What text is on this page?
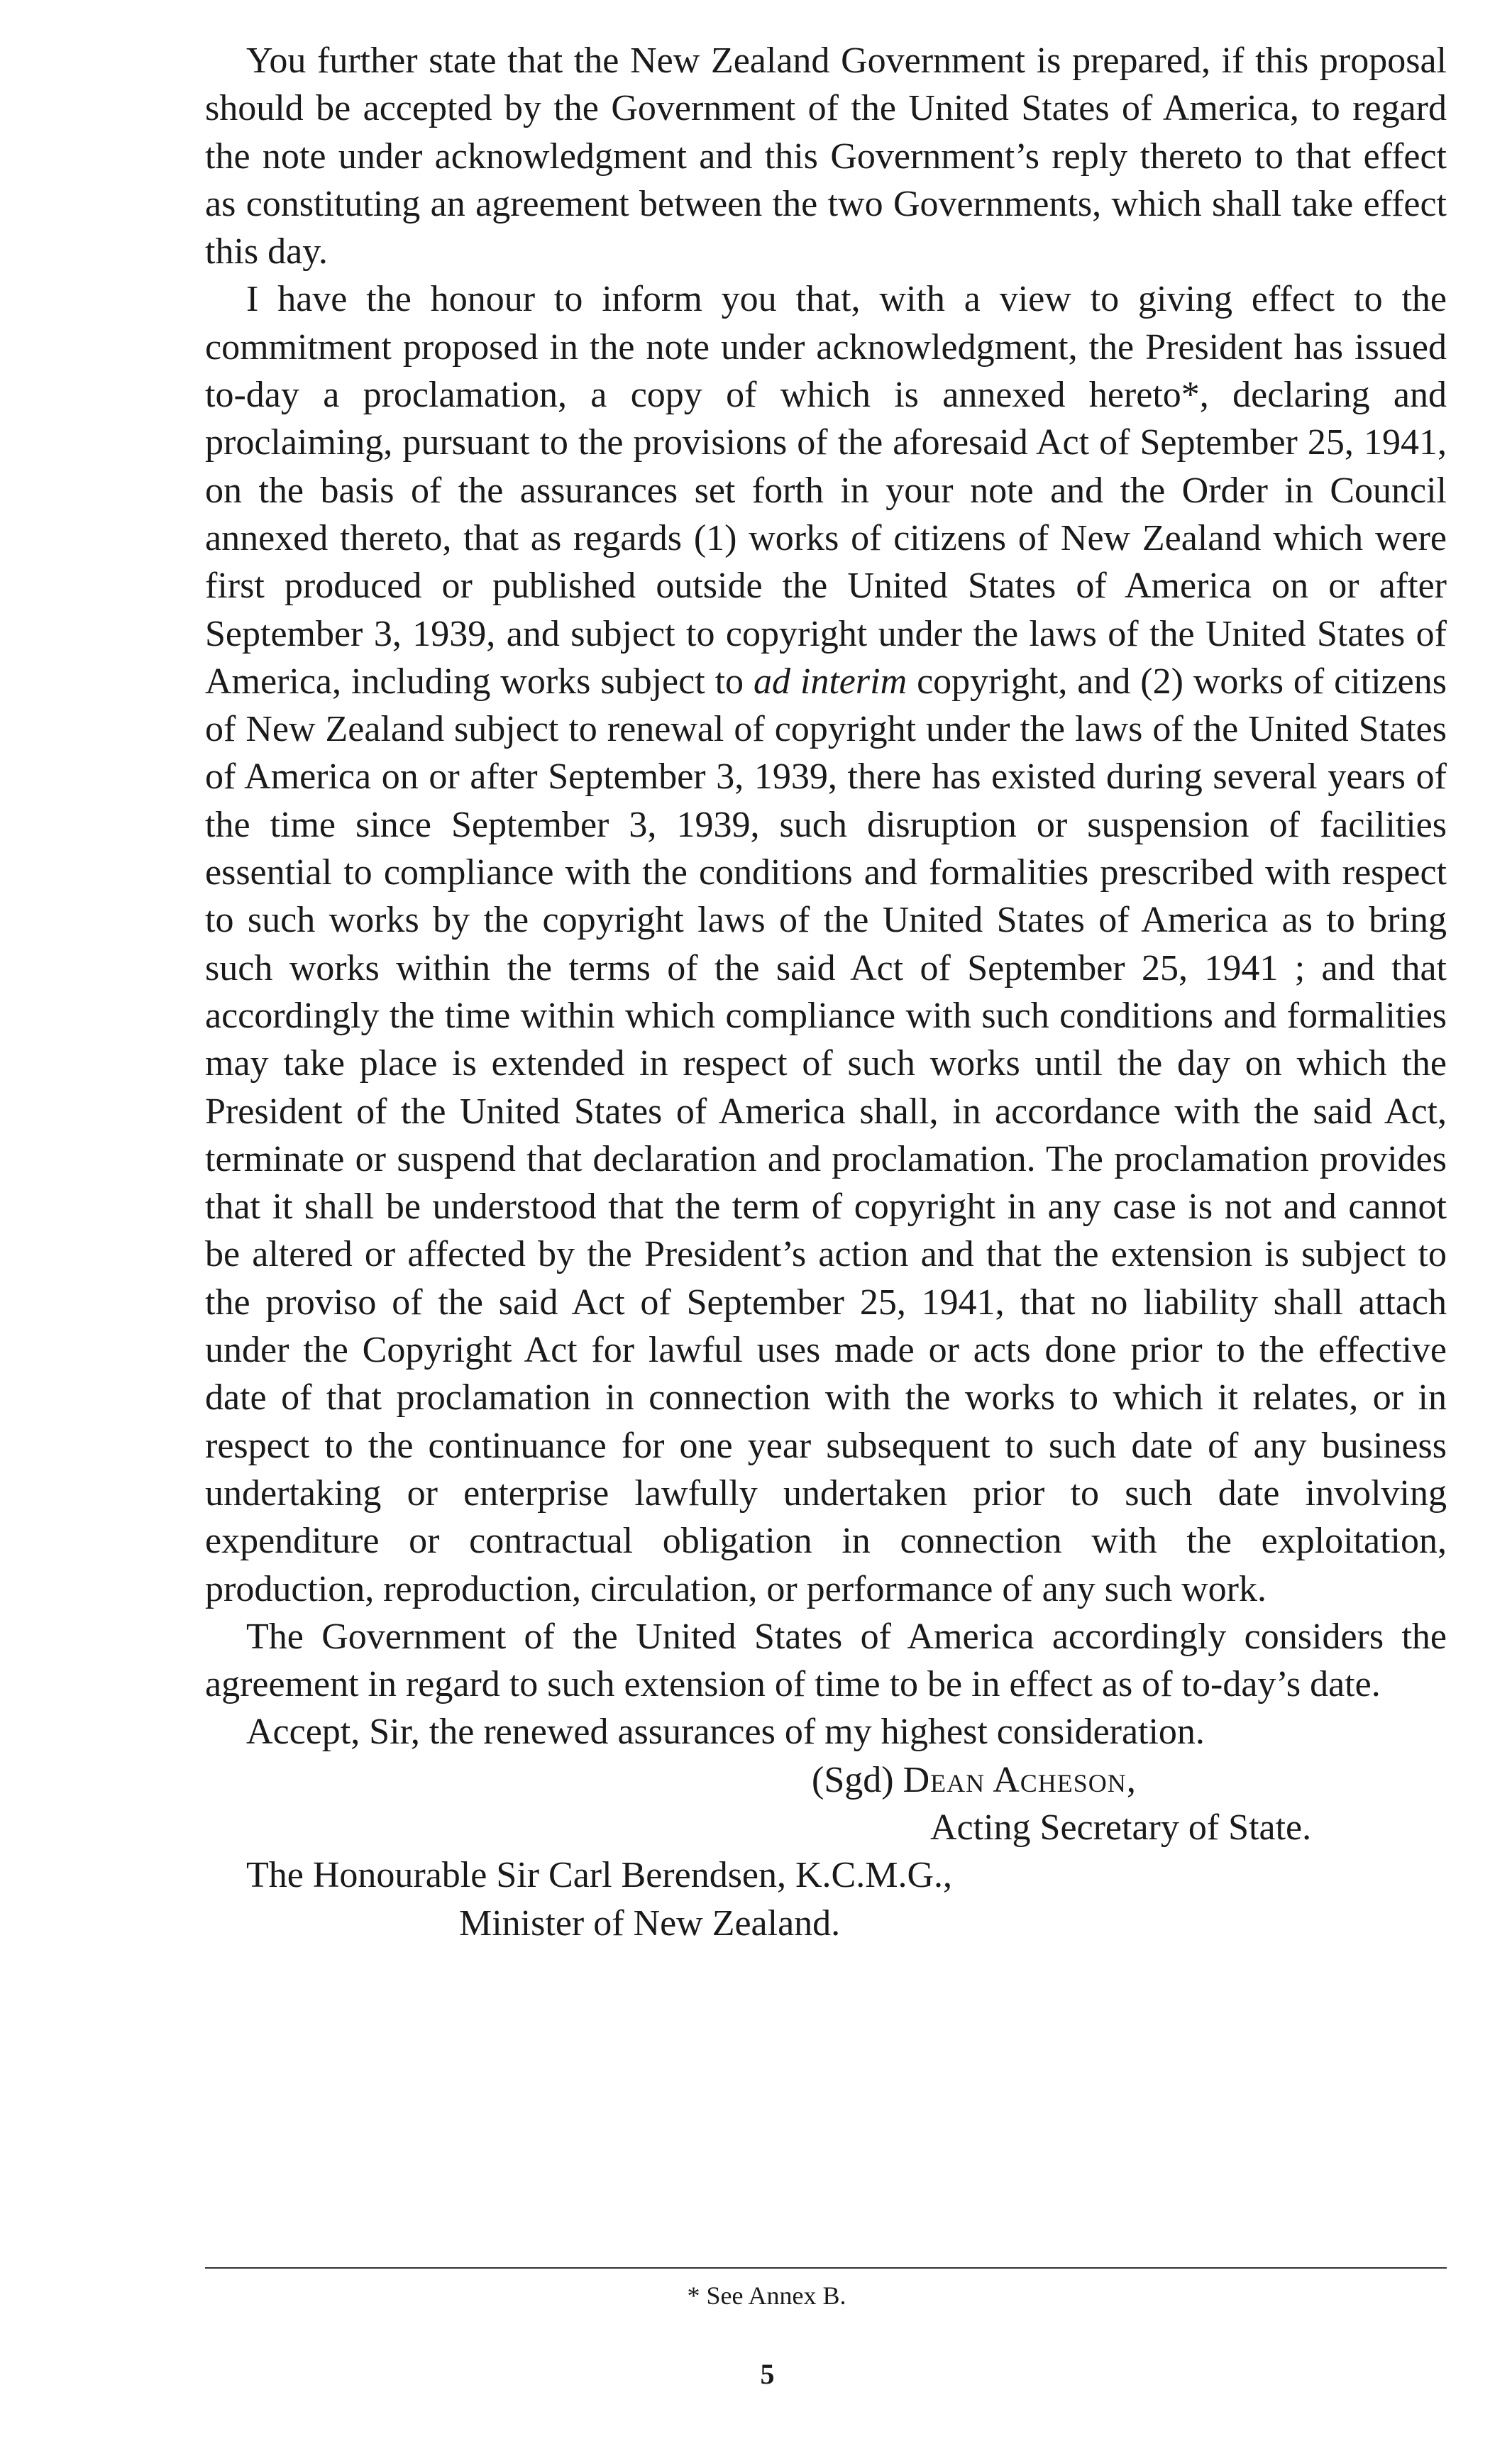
You further state that the New Zealand Government is prepared, if this proposal should be accepted by the Government of the United States of America, to regard the note under acknowledgment and this Government’s reply thereto to that effect as constituting an agreement between the two Governments, which shall take effect this day.

I have the honour to inform you that, with a view to giving effect to the commitment proposed in the note under acknowledgment, the President has issued to-day a proclamation, a copy of which is annexed hereto*, declaring and proclaiming, pursuant to the provisions of the aforesaid Act of September 25, 1941, on the basis of the assurances set forth in your note and the Order in Council annexed thereto, that as regards (1) works of citizens of New Zealand which were first produced or published outside the United States of America on or after September 3, 1939, and subject to copyright under the laws of the United States of America, including works subject to ad interim copyright, and (2) works of citizens of New Zealand subject to renewal of copyright under the laws of the United States of America on or after September 3, 1939, there has existed during several years of the time since September 3, 1939, such disruption or suspension of facilities essential to compliance with the conditions and formalities prescribed with respect to such works by the copyright laws of the United States of America as to bring such works within the terms of the said Act of September 25, 1941 ; and that accordingly the time within which compliance with such conditions and formalities may take place is extended in respect of such works until the day on which the President of the United States of America shall, in accordance with the said Act, terminate or suspend that declaration and proclamation. The proclamation provides that it shall be understood that the term of copyright in any case is not and cannot be altered or affected by the President’s action and that the extension is subject to the proviso of the said Act of September 25, 1941, that no liability shall attach under the Copyright Act for lawful uses made or acts done prior to the effective date of that proclamation in connection with the works to which it relates, or in respect to the continuance for one year subsequent to such date of any business undertaking or enterprise lawfully undertaken prior to such date involving expenditure or contractual obligation in connection with the exploitation, production, reproduction, circulation, or performance of any such work.

The Government of the United States of America accordingly considers the agreement in regard to such extension of time to be in effect as of to-day’s date.

Accept, Sir, the renewed assurances of my highest consideration.

(Sgd) Dean Acheson,

Acting Secretary of State.

The Honourable Sir Carl Berendsen, K.C.M.G.,

Minister of New Zealand.

* See Annex B.
5
